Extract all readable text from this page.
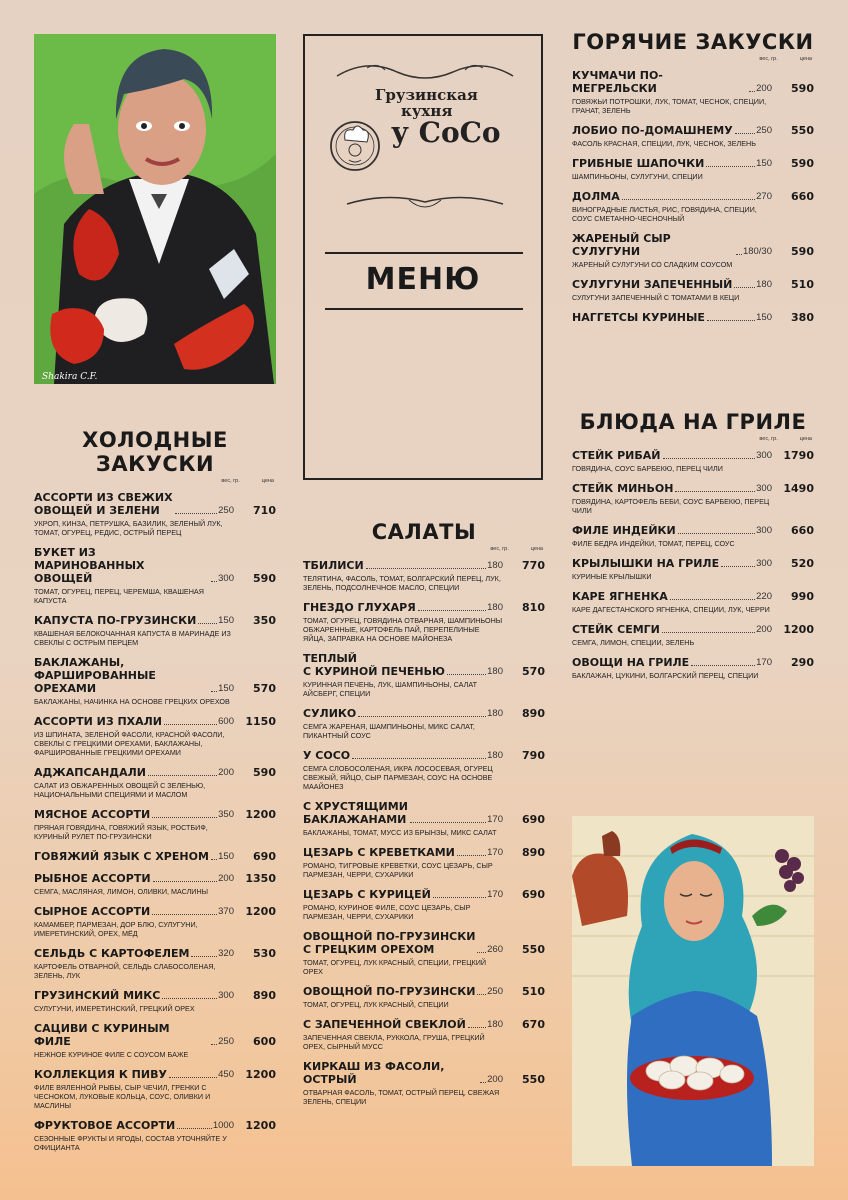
Shakira C.F.
Грузинская
кухня
у СоСо
МЕНЮ
ХОЛОДНЫЕ
ЗАКУСКИ
вес, гр.	цена
АССОРТИ ИЗ СВЕЖИХ
ОВОЩЕЙ И ЗЕЛЕНИ	250	710
УКРОП, КИНЗА, ПЕТРУШКА, БАЗИЛИК, ЗЕЛЕНЫЙ ЛУК, ТОМАТ, ОГУРЕЦ, РЕДИС, ОСТРЫЙ ПЕРЕЦ
БУКЕТ ИЗ МАРИНОВАННЫХ
ОВОЩЕЙ	300	590
ТОМАТ, ОГУРЕЦ, ПЕРЕЦ, ЧЕРЕМША, КВАШЕНАЯ КАПУСТА
КАПУСТА ПО-ГРУЗИНСКИ 150	350
КВАШЕНАЯ БЕЛОКОЧАННАЯ КАПУСТА В МАРИНАДЕ ИЗ СВЕКЛЫ С ОСТРЫМ ПЕРЦЕМ
БАКЛАЖАНЫ,
ФАРШИРОВАННЫЕ ОРЕХАМИ	150	570
БАКЛАЖАНЫ, НАЧИНКА НА ОСНОВЕ ГРЕЦКИХ ОРЕХОВ
АССОРТИ ИЗ ПХАЛИ	600	1150
ИЗ ШПИНАТА, ЗЕЛЕНОЙ ФАСОЛИ, КРАСНОЙ ФАСОЛИ, СВЕКЛЫ С ГРЕЦКИМИ ОРЕХАМИ, БАКЛАЖАНЫ, ФАРШИРОВАННЫЕ ГРЕЦКИМИ ОРЕХАМИ
АДЖАПСАНДАЛИ	200	590
САЛАТ ИЗ ОБЖАРЕННЫХ ОВОЩЕЙ С ЗЕЛЕНЬЮ, НАЦИОНАЛЬНЫМИ СПЕЦИЯМИ И МАСЛОМ
МЯСНОЕ АССОРТИ	350	1200
ПРЯНАЯ ГОВЯДИНА, ГОВЯЖИЙ ЯЗЫК, РОСТБИФ, КУРИНЫЙ РУЛЕТ ПО-ГРУЗИНСКИ
ГОВЯЖИЙ ЯЗЫК С ХРЕНОМ 150	690
РЫБНОЕ АССОРТИ	200	1350
СЕМГА, МАСЛЯНАЯ, ЛИМОН, ОЛИВКИ, МАСЛИНЫ
СЫРНОЕ АССОРТИ	370	1200
КАМАМБЕР, ПАРМЕЗАН, ДОР БЛЮ, СУЛУГУНИ, ИМЕРЕТИНСКИЙ, ОРЕХ, МЁД
СЕЛЬДЬ С КАРТОФЕЛЕМ	320	530
КАРТОФЕЛЬ ОТВАРНОЙ, СЕЛЬДЬ СЛАБОСОЛЕНАЯ, ЗЕЛЕНЬ, ЛУК
ГРУЗИНСКИЙ МИКС	300	890
СУЛУГУНИ, ИМЕРЕТИНСКИЙ, ГРЕЦКИЙ ОРЕХ
САЦИВИ С КУРИНЫМ ФИЛЕ	250	600
НЕЖНОЕ КУРИНОЕ ФИЛЕ С СОУСОМ БАЖЕ
КОЛЛЕКЦИЯ К ПИВУ	450	1200
ФИЛЕ ВЯЛЕННОЙ РЫБЫ, СЫР ЧЕЧИЛ, ГРЕНКИ С ЧЕСНОКОМ, ЛУКОВЫЕ КОЛЬЦА, СОУС, ОЛИВКИ И МАСЛИНЫ
ФРУКТОВОЕ АССОРТИ	1000	1200
СЕЗОННЫЕ ФРУКТЫ И ЯГОДЫ, СОСТАВ УТОЧНЯЙТЕ У ОФИЦИАНТА
САЛАТЫ
вес, гр.	цена
ТБИЛИСИ	180	770
ТЕЛЯТИНА, ФАСОЛЬ, ТОМАТ, БОЛГАРСКИЙ ПЕРЕЦ, ЛУК, ЗЕЛЕНЬ, ПОДСОЛНЕЧНОЕ МАСЛО, СПЕЦИИ
ГНЕЗДО ГЛУХАРЯ	180	810
ТОМАТ, ОГУРЕЦ, ГОВЯДИНА ОТВАРНАЯ, ШАМПИНЬОНЫ ОБЖАРЕННЫЕ, КАРТОФЕЛЬ ПАЙ, ПЕРЕПЕЛИНЫЕ ЯЙЦА, ЗАПРАВКА НА ОСНОВЕ МАЙОНЕЗА
ТЕПЛЫЙ
С КУРИНОЙ ПЕЧЕНЬЮ	180	570
КУРИННАЯ ПЕЧЕНЬ, ЛУК, ШАМПИНЬОНЫ, САЛАТ АЙСБЕРГ, СПЕЦИИ
СУЛИКО	180	890
СЕМГА ЖАРЕНАЯ, ШАМПИНЬОНЫ, МИКС САЛАТ, ПИКАНТНЫЙ СОУС
У СОСО	180	790
СЕМГА СЛОБОСОЛЕНАЯ, ИКРА ЛОСОСЕВАЯ, ОГУРЕЦ СВЕЖЫЙ, ЯЙЦО, СЫР ПАРМЕЗАН, СОУС НА ОСНОВЕ МААЙОНЕЗ
С ХРУСТЯЩИМИ
БАКЛАЖАНАМИ	170	690
БАКЛАЖАНЫ, ТОМАТ, МУСС ИЗ БРЫНЗЫ, МИКС САЛАТ
ЦЕЗАРЬ С КРЕВЕТКАМИ	170	890
РОМАНО, ТИГРОВЫЕ КРЕВЕТКИ, СОУС ЦЕЗАРЬ, СЫР ПАРМЕЗАН, ЧЕРРИ, СУХАРИКИ
ЦЕЗАРЬ С КУРИЦЕЙ	170	690
РОМАНО, КУРИНОЕ ФИЛЕ, СОУС ЦЕЗАРЬ, СЫР ПАРМЕЗАН, ЧЕРРИ, СУХАРИКИ
ОВОЩНОЙ ПО-ГРУЗИНСКИ
С ГРЕЦКИМ ОРЕХОМ	260	550
ТОМАТ, ОГУРЕЦ, ЛУК КРАСНЫЙ, СПЕЦИИ, ГРЕЦКИЙ ОРЕХ
ОВОЩНОЙ ПО-ГРУЗИНСКИ 250	510
ТОМАТ, ОГУРЕЦ, ЛУК КРАСНЫЙ, СПЕЦИИ
С ЗАПЕЧЕННОЙ СВЕКЛОЙ 180	670
ЗАПЕЧЕННАЯ СВЕКЛА, РУККОЛА, ГРУША, ГРЕЦКИЙ ОРЕХ, СЫРНЫЙ МУСС
КИРКАШ ИЗ ФАСОЛИ, ОСТРЫЙ	200	550
ОТВАРНАЯ ФАСОЛЬ, ТОМАТ, ОСТРЫЙ ПЕРЕЦ, СВЕЖАЯ ЗЕЛЕНЬ, СПЕЦИИ
ГОРЯЧИЕ ЗАКУСКИ
вес, гр.	цена
КУЧМАЧИ ПО-МЕГРЕЛЬСКИ	200	590
ГОВЯЖЬИ ПОТРОШКИ, ЛУК, ТОМАТ, ЧЕСНОК, СПЕЦИИ, ГРАНАТ, ЗЕЛЕНЬ
ЛОБИО ПО-ДОМАШНЕМУ 250	550
ФАСОЛЬ КРАСНАЯ, СПЕЦИИ, ЛУК, ЧЕСНОК, ЗЕЛЕНЬ
ГРИБНЫЕ ШАПОЧКИ	150	590
ШАМПИНЬОНЫ, СУЛУГУНИ, СПЕЦИИ
ДОЛМА	270	660
ВИНОГРАДНЫЕ ЛИСТЬЯ, РИС, ГОВЯДИНА, СПЕЦИИ, СОУС СМЕТАННО-ЧЕСНОЧНЫЙ
ЖАРЕНЫЙ СЫР СУЛУГУНИ	180/30	590
ЖАРЕНЫЙ СУЛУГУНИ СО СЛАДКИМ СОУСОМ
СУЛУГУНИ ЗАПЕЧЕННЫЙ	180	510
СУЛУГУНИ ЗАПЕЧЕННЫЙ С ТОМАТАМИ В КЕЦИ
НАГГЕТСЫ КУРИНЫЕ	150	380
БЛЮДА НА ГРИЛЕ
вес, гр.	цена
СТЕЙК РИБАЙ	300	1790
ГОВЯДИНА, СОУС БАРБЕКЮ, ПЕРЕЦ ЧИЛИ
СТЕЙК МИНЬОН	300	1490
ГОВЯДИНА, КАРТОФЕЛЬ БЕБИ, СОУС БАРБЕКЮ, ПЕРЕЦ ЧИЛИ
ФИЛЕ ИНДЕЙКИ	300	660
ФИЛЕ БЕДРА ИНДЕЙКИ, ТОМАТ, ПЕРЕЦ, СОУС
КРЫЛЫШКИ НА ГРИЛЕ	300	520
КУРИНЫЕ КРЫЛЫШКИ
КАРЕ ЯГНЕНКА	220	990
КАРЕ ДАГЕСТАНСКОГО ЯГНЕНКА, СПЕЦИИ, ЛУК, ЧЕРРИ
СТЕЙК СЕМГИ	200	1200
СЕМГА, ЛИМОН, СПЕЦИИ, ЗЕЛЕНЬ
ОВОЩИ НА ГРИЛЕ	170	290
БАКЛАЖАН, ЦУКИНИ, БОЛГАРСКИЙ ПЕРЕЦ, СПЕЦИИ
